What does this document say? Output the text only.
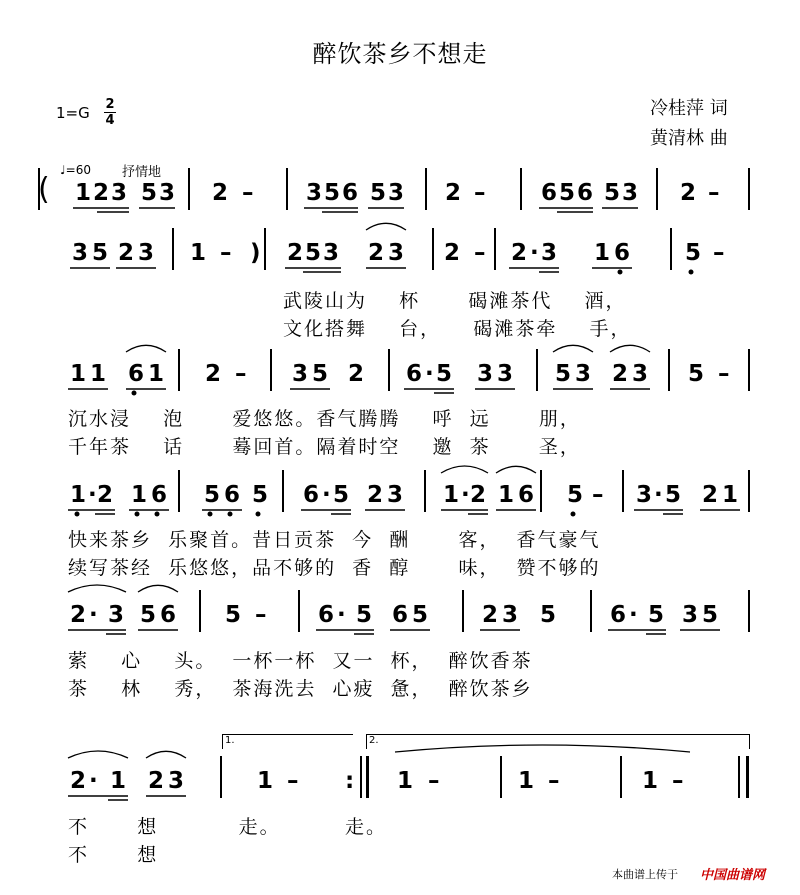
醉饮茶乡不想走
1=G 2
4
冷桂萍 词
黄清林 曲
♩=60 抒情地
1 2 3 5 3 2 – 3 5 6 5 3 2 – 6 5 6 5 3 2 –
3 5 2 3 1 – ) 2 5 3 2 3 2 – 2 · 3 1 6 5 –
武陵山为    杯      碣滩茶代    酒，
文化搭舞    台，    碣滩茶牵    手，
1 1 6 1 2 – 3 5 2 6 · 5 3 3 5 3 2 3 5 –
沉水浸    泡      爱悠悠。香气腾腾    呼  远      朋，
千年茶    话      蓦回首。隔着时空    邀  茶      圣，
1 · 2 1 6 5 6 5 6 · 5 2 3 1 · 2 1 6 5 – 3 · 5 2 1
快来茶乡  乐聚首。昔日贡茶  今  酬      客，  香气豪气
续写茶经  乐悠悠，品不够的  香  醇      味，  赞不够的
2 · 3 5 6 5 – 6 · 5 6 5 2 3 5 6 · 5 3 5
萦    心    头。  一杯一杯  又一  杯，  醉饮香茶
茶    林    秀，  茶海洗去  心疲  惫，  醉饮茶乡
2 · 1 2 3	1 – : 1 –	1 –	1 –
不      想          走。        走。
不      想
1.	2.
本曲谱上传于 中国曲谱网
(
